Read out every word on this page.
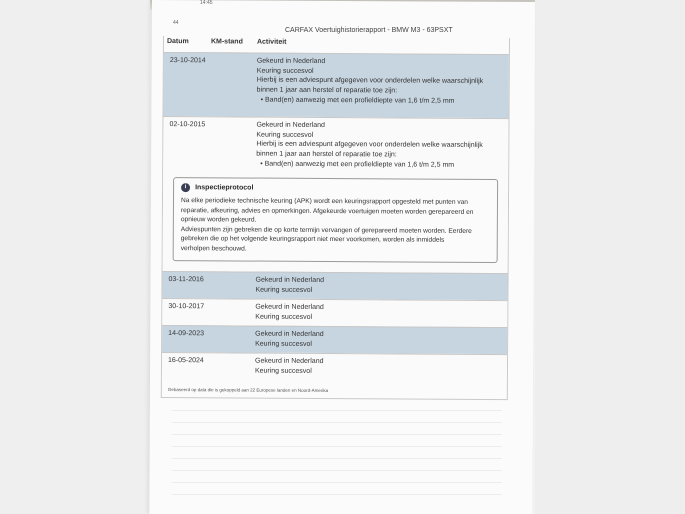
14:45
44
CARFAX Voertuighistorierapport - BMW M3 - 63PSXT
Datum	KM-stand Activiteit
23-10-2014	Gekeurd in Nederland
Keuring succesvol
Hierbij is een adviespunt afgegeven voor onderdelen welke waarschijnlijk
binnen 1 jaar aan herstel of reparatie toe zijn:
• Band(en) aanwezig met een profieldiepte van 1,6 t/m 2,5 mm
02-10-2015	Gekeurd in Nederland
Keuring succesvol
Hierbij is een adviespunt afgegeven voor onderdelen welke waarschijnlijk
binnen 1 jaar aan herstel of reparatie toe zijn:
• Band(en) aanwezig met een profieldiepte van 1,6 t/m 2,5 mm
i	Inspectieprotocol
Na elke periodieke technische keuring (APK) wordt een keuringsrapport opgesteld met punten van
reparatie, afkeuring, advies en opmerkingen. Afgekeurde voertuigen moeten worden gerepareerd en
opnieuw worden gekeurd.
Adviespunten zijn gebreken die op korte termijn vervangen of gerepareerd moeten worden. Eerdere
gebreken die op het volgende keuringsrapport niet meer voorkomen, worden als inmiddels
verholpen beschouwd.
03-11-2016	Gekeurd in Nederland
Keuring succesvol
30-10-2017	Gekeurd in Nederland
Keuring succesvol
14-09-2023	Gekeurd in Nederland
Keuring succesvol
16-05-2024	Gekeurd in Nederland
Keuring succesvol
Gebaseerd op data die is gekoppeld aan 22 Europese landen en Noord-Amerika
